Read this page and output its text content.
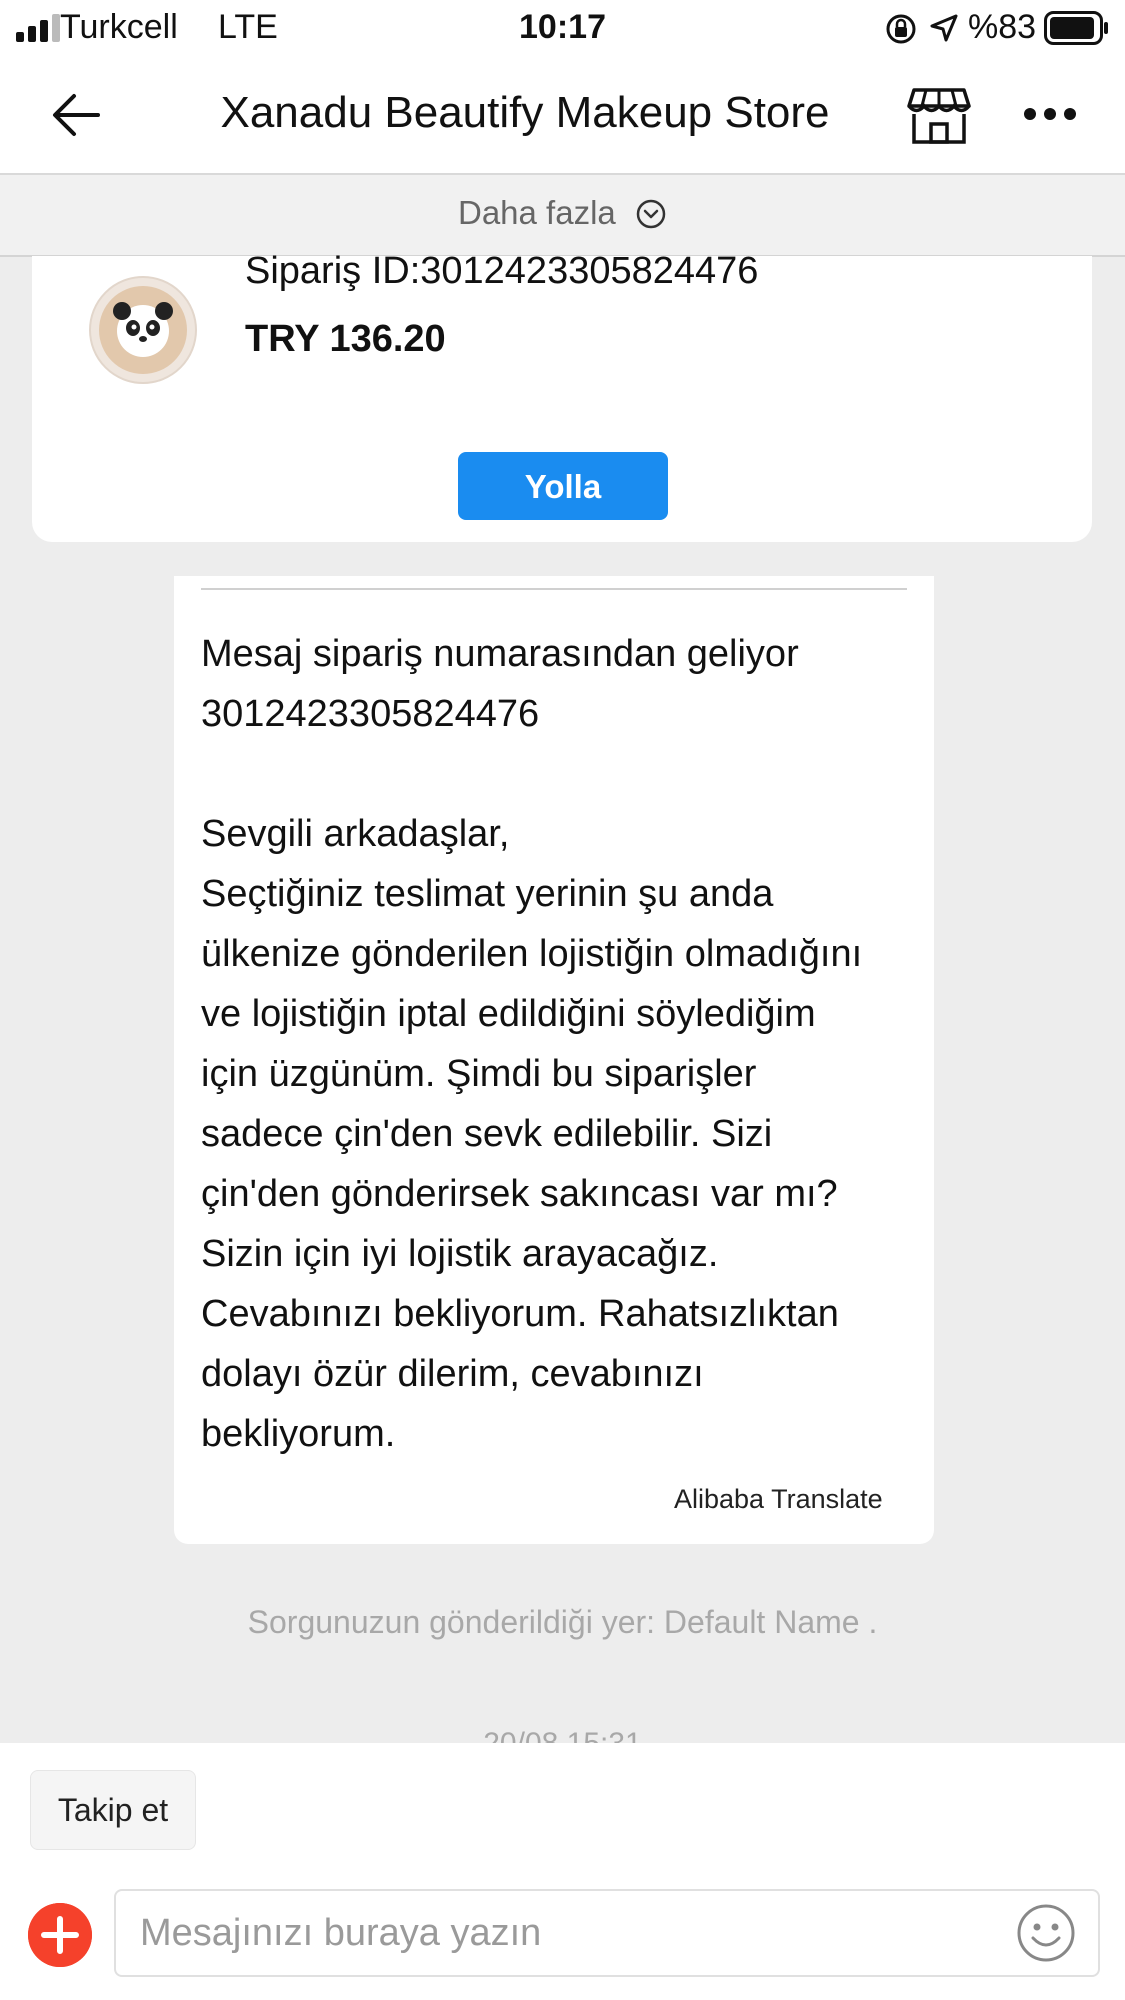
Turkcell LTE	10:17	%83
Xanadu Beautify Makeup Store
Daha fazla
Sipariş ID:3012423305824476
TRY 136.20
Yolla
Mesaj sipariş numarasından geliyor
3012423305824476

Sevgili arkadaşlar,
Seçtiğiniz teslimat yerinin şu anda
ülkenize gönderilen lojistiğin olmadığını
ve lojistiğin iptal edildiğini söylediğim
için üzgünüm. Şimdi bu siparişler
sadece çin'den sevk edilebilir. Sizi
çin'den gönderirsek sakıncası var mı?
Sizin için iyi lojistik arayacağız.
Cevabınızı bekliyorum. Rahatsızlıktan
dolayı özür dilerim, cevabınızı
bekliyorum.
Alibaba Translate
Sorgunuzun gönderildiği yer: Default Name .
Takip et
Mesajınızı buraya yazın
